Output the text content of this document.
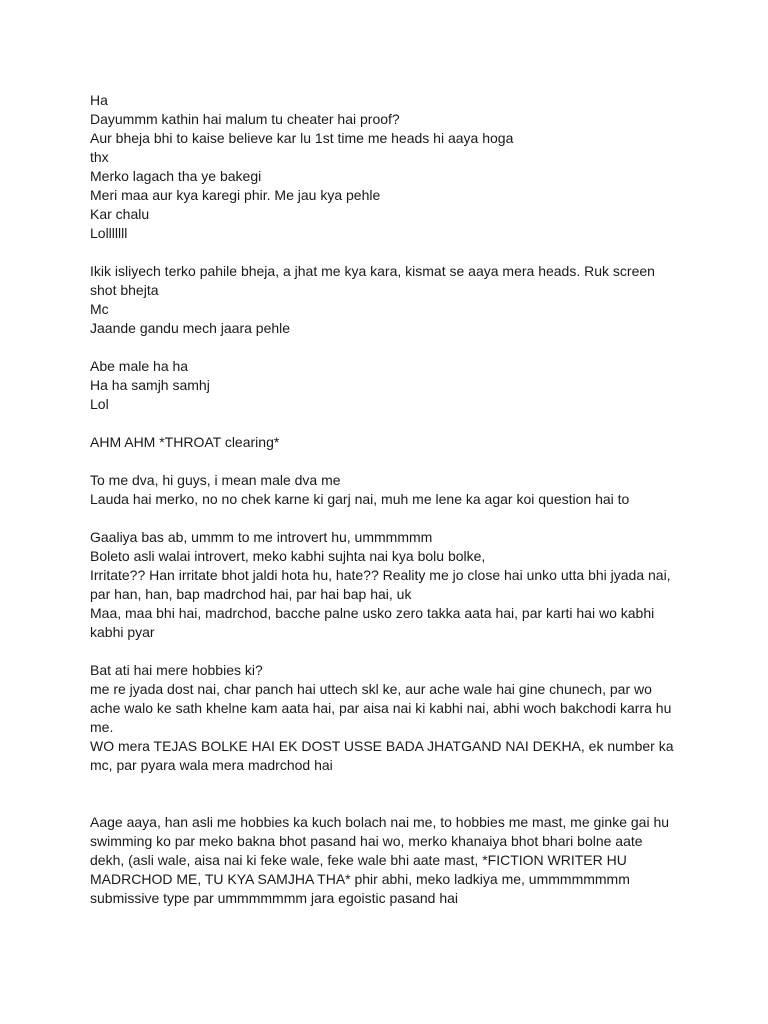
Ha
Dayummm kathin hai malum tu cheater hai proof?
Aur bheja bhi to kaise believe kar lu 1st time me heads hi aaya hoga
thx
Merko lagach tha ye bakegi
Meri maa aur kya karegi phir. Me jau kya pehle
Kar chalu
Lolllllll
Ikik isliyech terko pahile bheja, a jhat me kya kara, kismat se aaya mera heads. Ruk screen shot bhejta
Mc
Jaande gandu mech jaara pehle
Abe male ha ha
Ha ha samjh samhj
Lol
AHM AHM *THROAT clearing*
To me dva, hi guys, i mean male dva me
Lauda hai merko, no no chek karne ki garj nai, muh me lene ka agar koi question hai to
Gaaliya bas ab, ummm to me introvert hu, ummmmmm
Boleto asli walai introvert, meko kabhi sujhta nai kya bolu bolke,
Irritate?? Han irritate bhot jaldi hota hu, hate?? Reality me jo close hai unko utta bhi jyada nai, par han, han, bap madrchod hai, par hai bap hai, uk
Maa, maa bhi hai, madrchod, bacche palne usko zero takka aata hai, par karti hai wo kabhi kabhi pyar
Bat ati hai mere hobbies ki?
me re jyada dost nai, char panch hai uttech skl ke, aur ache wale hai gine chunech, par wo ache walo ke sath khelne kam aata hai, par aisa nai ki kabhi nai, abhi woch bakchodi karra hu me.
WO mera TEJAS BOLKE HAI EK DOST USSE BADA JHATGAND NAI DEKHA, ek number ka mc, par pyara wala mera madrchod hai
Aage aaya, han asli me hobbies ka kuch bolach nai me, to hobbies me mast, me ginke gai hu swimming ko par meko bakna bhot pasand hai wo, merko khanaiya bhot bhari bolne aate dekh, (asli wale, aisa nai ki feke wale, feke wale bhi aate mast, *FICTION WRITER HU MADRCHOD ME, TU KYA SAMJHA THA* phir abhi, meko ladkiya me, ummmmmmmm submissive type par ummmmmmm jara egoistic pasand hai
